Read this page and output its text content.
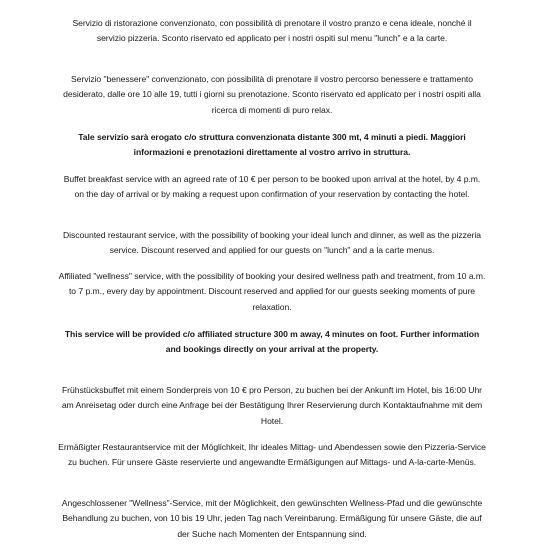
Servizio di ristorazione convenzionato, con possibilità di prenotare il vostro pranzo e cena ideale, nonché il servizio pizzeria. Sconto riservato ed applicato per i nostri ospiti sul menu "lunch" e a la carte.

Servizio "benessere" convenzionato, con possibilità di prenotare il vostro percorso benessere e trattamento desiderato, dalle ore 10 alle 19, tutti i giorni su prenotazione. Sconto riservato ed applicato per i nostri ospiti alla ricerca di momenti di puro relax.

Tale servizio sarà erogato c/o struttura convenzionata distante 300 mt, 4 minuti a piedi. Maggiori informazioni e prenotazioni direttamente al vostro arrivo in struttura.

Buffet breakfast service with an agreed rate of 10 € per person to be booked upon arrival at the hotel, by 4 p.m. on the day of arrival or by making a request upon confirmation of your reservation by contacting the hotel.

Discounted restaurant service, with the possibility of booking your ideal lunch and dinner, as well as the pizzeria service. Discount reserved and applied for our guests on "lunch" and a la carte menus.

Affiliated "wellness" service, with the possibility of booking your desired wellness path and treatment, from 10 a.m. to 7 p.m., every day by appointment. Discount reserved and applied for our guests seeking moments of pure relaxation.

This service will be provided c/o affiliated structure 300 m away, 4 minutes on foot. Further information and bookings directly on your arrival at the property.

Frühstücksbuffet mit einem Sonderpreis von 10 € pro Person, zu buchen bei der Ankunft im Hotel, bis 16:00 Uhr am Anreisetag oder durch eine Anfrage bei der Bestätigung Ihrer Reservierung durch Kontaktaufnahme mit dem Hotel.

Ermäßigter Restaurantservice mit der Möglichkeit, Ihr ideales Mittag- und Abendessen sowie den Pizzeria-Service zu buchen. Für unsere Gäste reservierte und angewandte Ermäßigungen auf Mittags- und A-la-carte-Menüs.

Angeschlossener "Wellness"-Service, mit der Möglichkeit, den gewünschten Wellness-Pfad und die gewünschte Behandlung zu buchen, von 10 bis 19 Uhr, jeden Tag nach Vereinbarung. Ermäßigung für unsere Gäste, die auf der Suche nach Momenten der Entspannung sind.
